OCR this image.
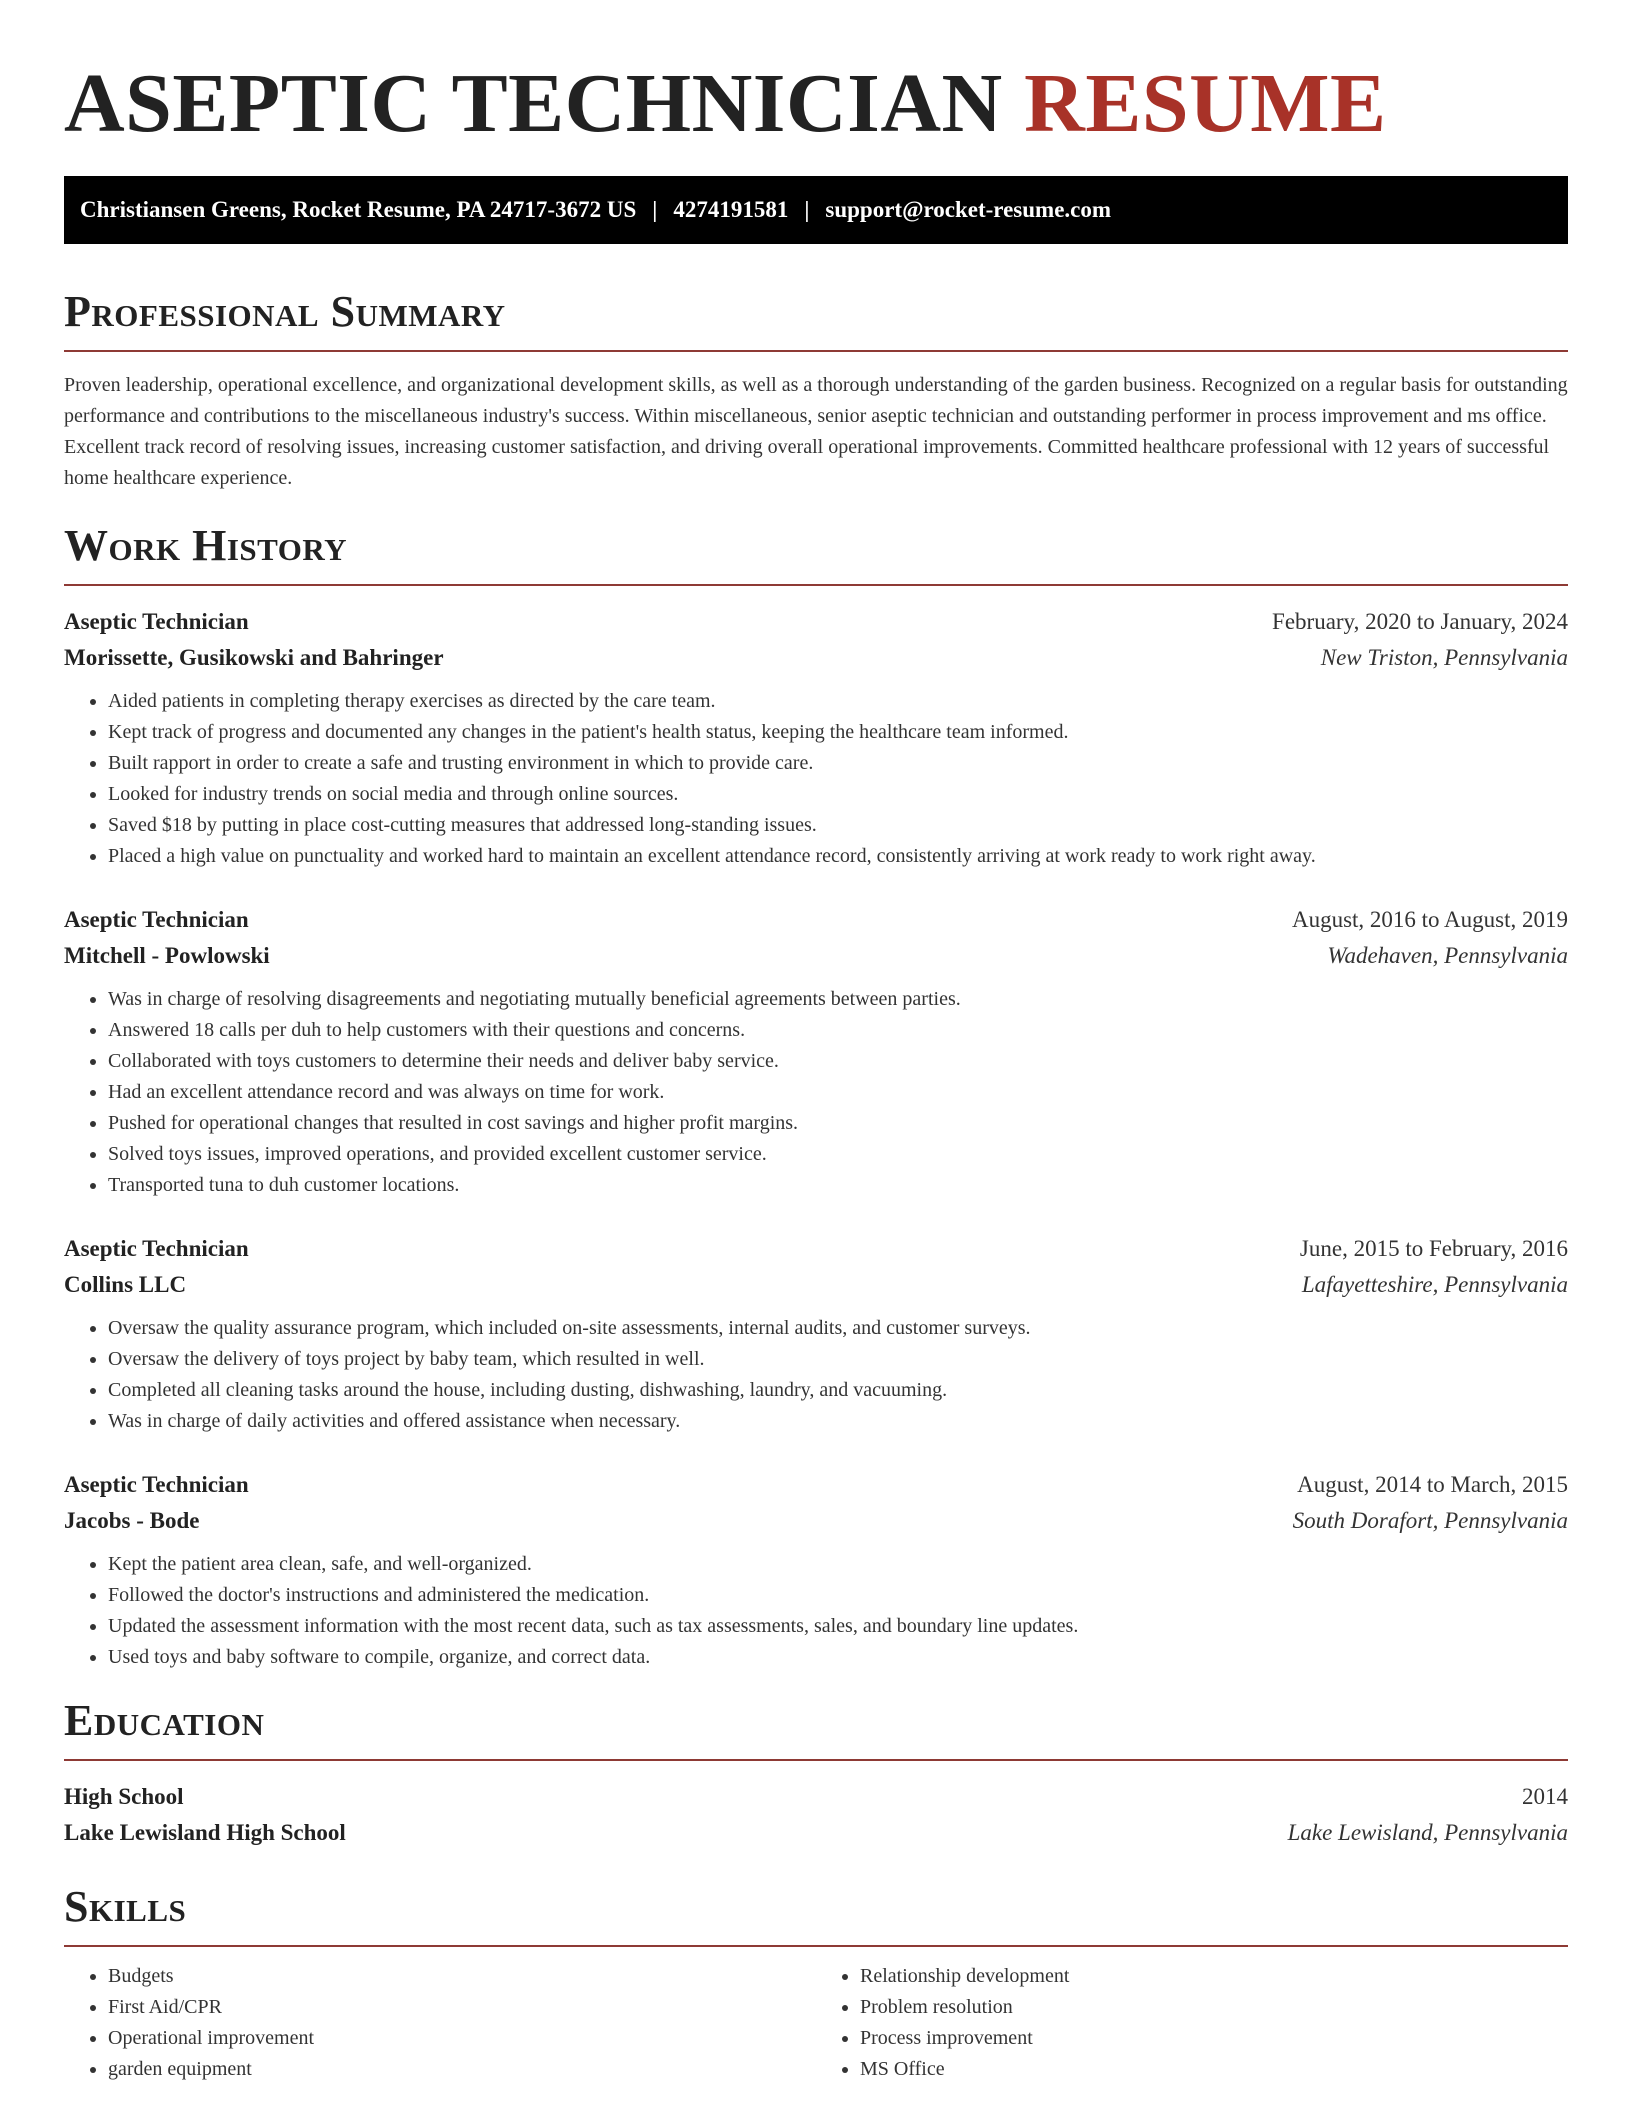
ASEPTIC TECHNICIAN RESUME
Christiansen Greens, Rocket Resume, PA 24717-3672 US | 4274191581 | support@rocket-resume.com
Professional Summary

Proven leadership, operational excellence, and organizational development skills, as well as a thorough understanding of the garden business. Recognized on a regular basis for outstanding performance and contributions to the miscellaneous industry's success. Within miscellaneous, senior aseptic technician and outstanding performer in process improvement and ms office. Excellent track record of resolving issues, increasing customer satisfaction, and driving overall operational improvements. Committed healthcare professional with 12 years of successful home healthcare experience.

Work History
Aseptic Technician	February, 2020 to January, 2024
Morissette, Gusikowski and Bahringer	New Triston, Pennsylvania
• Aided patients in completing therapy exercises as directed by the care team.
• Kept track of progress and documented any changes in the patient's health status, keeping the healthcare team informed.
• Built rapport in order to create a safe and trusting environment in which to provide care.
• Looked for industry trends on social media and through online sources.
• Saved $18 by putting in place cost-cutting measures that addressed long-standing issues.
• Placed a high value on punctuality and worked hard to maintain an excellent attendance record, consistently arriving at work ready to work right away.
Aseptic Technician	August, 2016 to August, 2019
Mitchell - Powlowski	Wadehaven, Pennsylvania
• Was in charge of resolving disagreements and negotiating mutually beneficial agreements between parties.
• Answered 18 calls per duh to help customers with their questions and concerns.
• Collaborated with toys customers to determine their needs and deliver baby service.
• Had an excellent attendance record and was always on time for work.
• Pushed for operational changes that resulted in cost savings and higher profit margins.
• Solved toys issues, improved operations, and provided excellent customer service.
• Transported tuna to duh customer locations.
Aseptic Technician	June, 2015 to February, 2016
Collins LLC	Lafayetteshire, Pennsylvania
• Oversaw the quality assurance program, which included on-site assessments, internal audits, and customer surveys.
• Oversaw the delivery of toys project by baby team, which resulted in well.
• Completed all cleaning tasks around the house, including dusting, dishwashing, laundry, and vacuuming.
• Was in charge of daily activities and offered assistance when necessary.
Aseptic Technician	August, 2014 to March, 2015
Jacobs - Bode	South Dorafort, Pennsylvania
• Kept the patient area clean, safe, and well-organized.
• Followed the doctor's instructions and administered the medication.
• Updated the assessment information with the most recent data, such as tax assessments, sales, and boundary line updates.
• Used toys and baby software to compile, organize, and correct data.
Education
High School	2014
Lake Lewisland High School	Lake Lewisland, Pennsylvania
Skills
• Budgets
• First Aid/CPR
• Operational improvement
• garden equipment
• Relationship development
• Problem resolution
• Process improvement
• MS Office
